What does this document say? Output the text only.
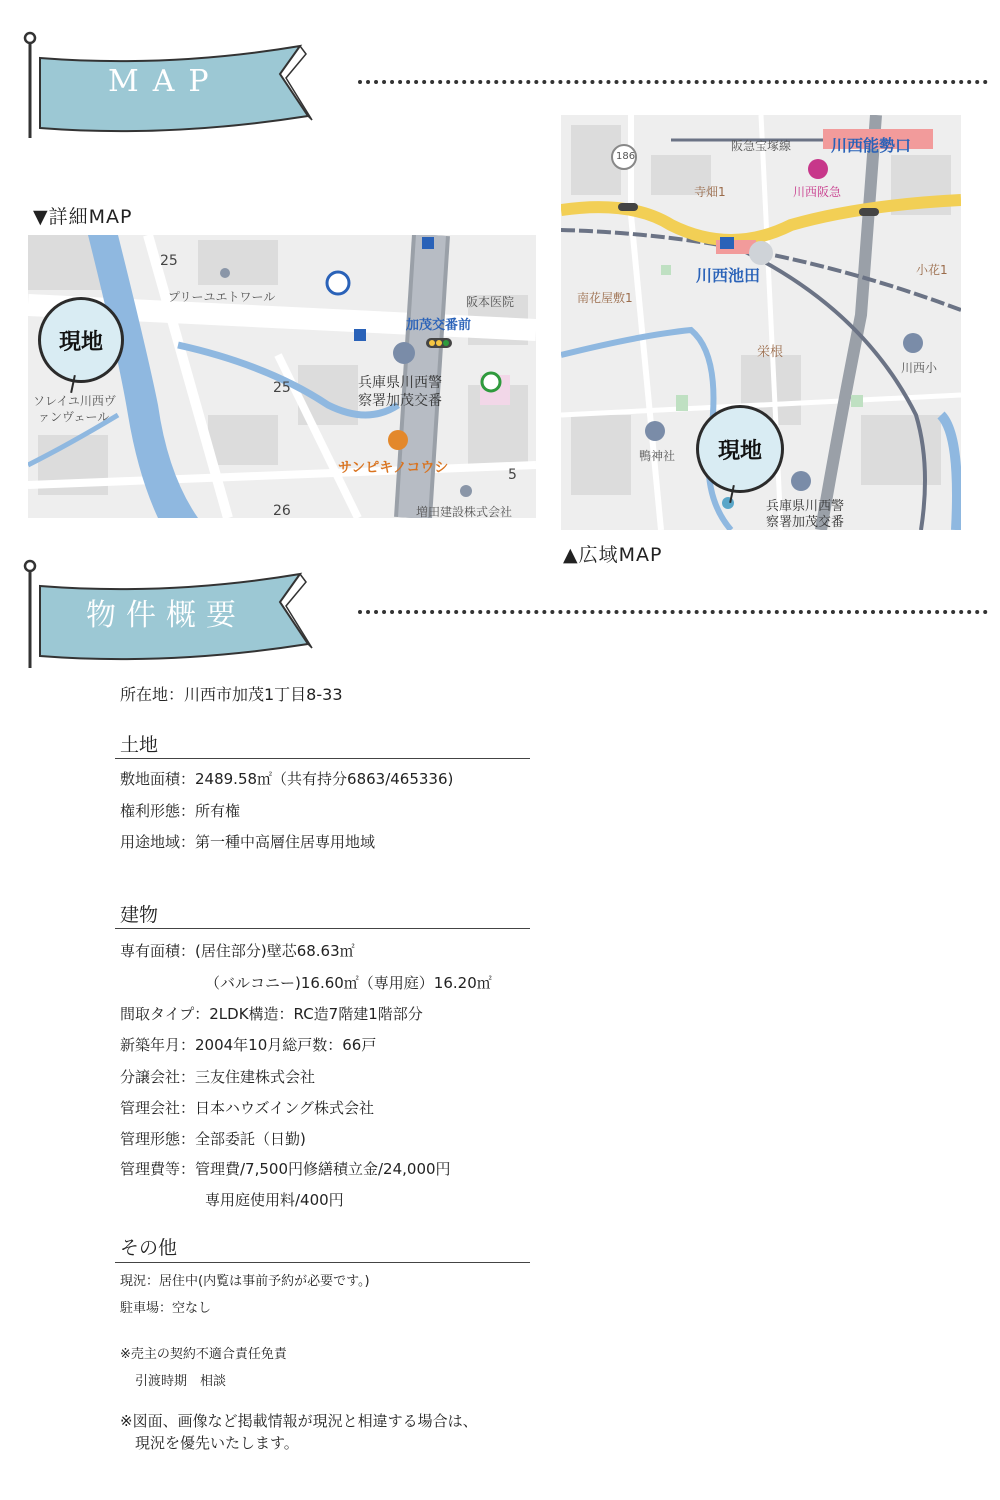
MAP
▼詳細MAP
25
25
26
5
プリーユエトワール
ソレイユ川西ヴ
ァンヴェール
阪本医院
加茂交番前
兵庫県川西警
察署加茂交番
サンピキノコウシ
増田建設株式会社
現地
阪急宝塚線 川西能勢口
186
寺畑1	川西阪急
川西池田	小花1
南花屋敷1
栄根
川西小
鴨神社
兵庫県川西警
察署加茂交番
現地
▲広域MAP
物件概要
所在地：川西市加茂1丁目8-33
土地
敷地面積：2489.58㎡（共有持分6863/465336)
権利形態：所有権
用途地域：第一種中高層住居専用地域
建物
専有面積：(居住部分)壁芯68.63㎡
（バルコニー)16.60㎡（専用庭）16.20㎡
間取タイプ：2LDK構造：RC造7階建1階部分
新築年月：2004年10月総戸数：66戸
分譲会社：三友住建株式会社
管理会社：日本ハウズイング株式会社
管理形態：全部委託（日勤)
管理費等：管理費/7,500円修繕積立金/24,000円
専用庭使用料/400円
その他
現況：居住中(内覧は事前予約が必要です。)
駐車場：空なし
※売主の契約不適合責任免責
引渡時期　相談
※図面、画像など掲載情報が現況と相違する場合は、
現況を優先いたします。
